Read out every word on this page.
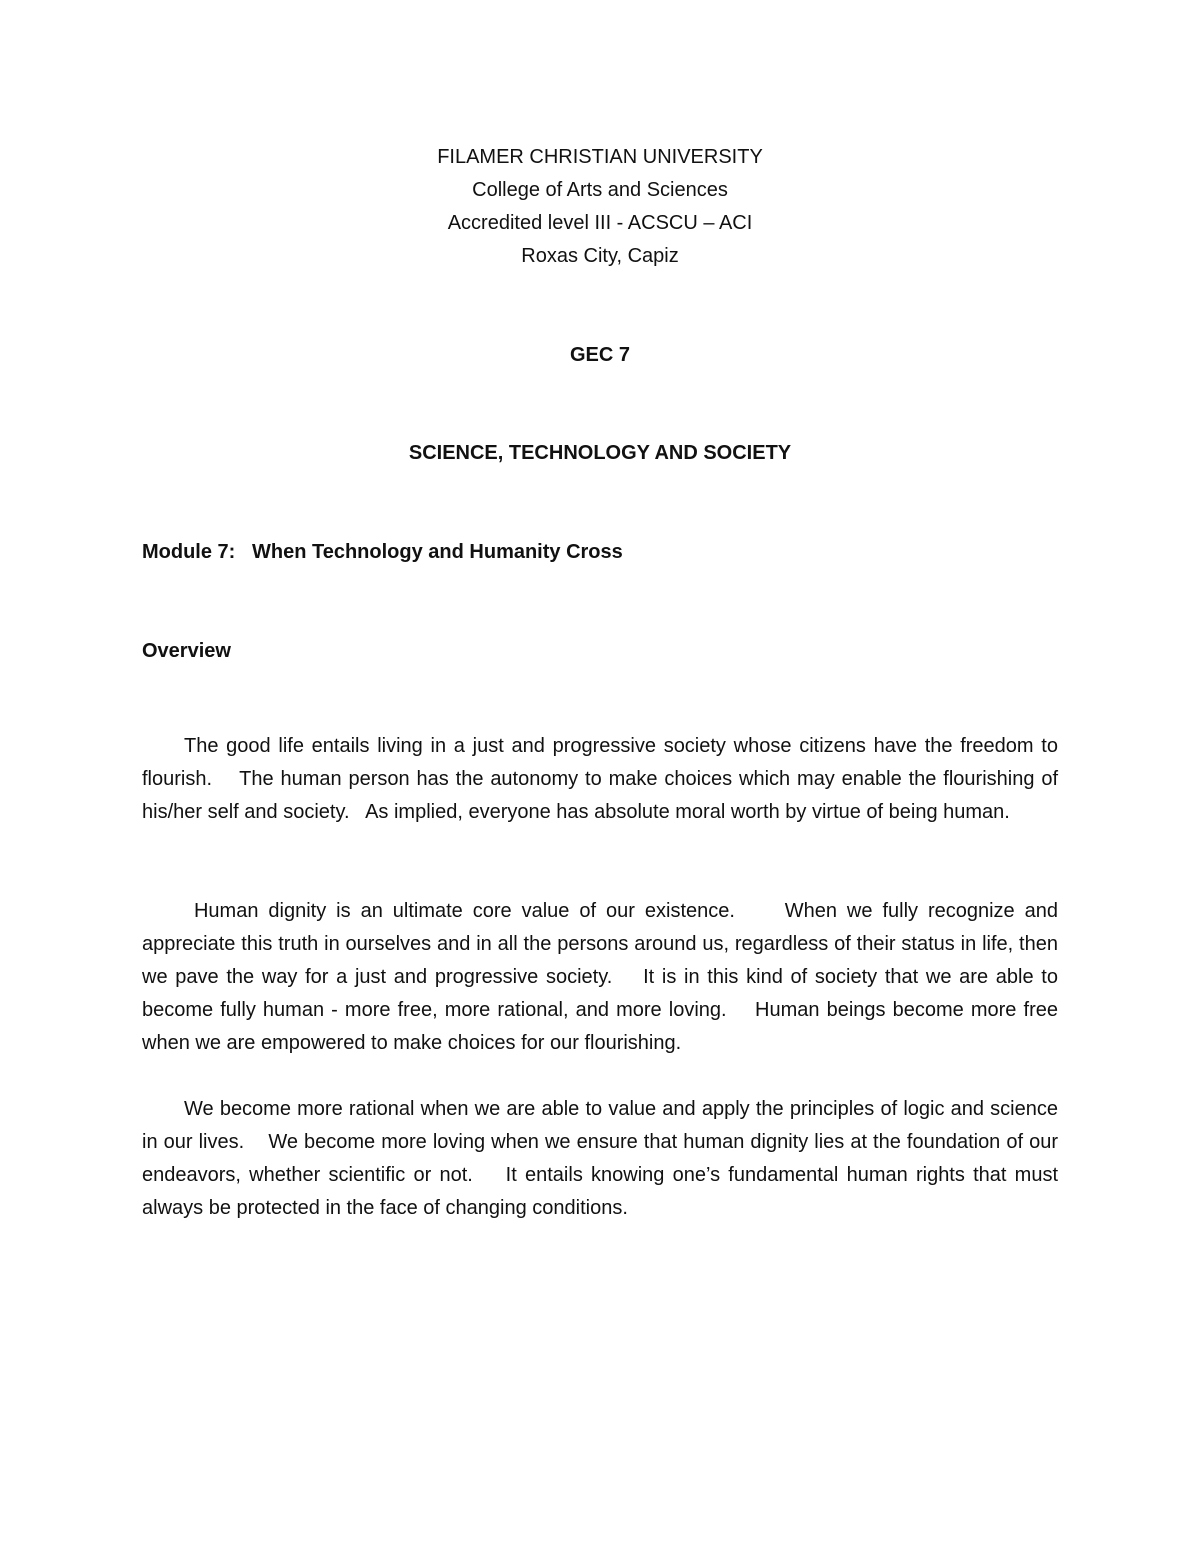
FILAMER CHRISTIAN UNIVERSITY
College of Arts and Sciences
Accredited level III - ACSCU – ACI
Roxas City, Capiz
GEC 7
SCIENCE, TECHNOLOGY AND SOCIETY
Module 7:   When Technology and Humanity Cross
Overview

The good life entails living in a just and progressive society whose citizens have the freedom to flourish.    The human person has the autonomy to make choices which may enable the flourishing of his/her self and society.   As implied, everyone has absolute moral worth by virtue of being human.

Human dignity is an ultimate core value of our existence.     When we fully recognize and appreciate this truth in ourselves and in all the persons around us, regardless of their status in life, then we pave the way for a just and progressive society.    It is in this kind of society that we are able to become fully human - more free, more rational, and more loving.    Human beings become more free when we are empowered to make choices for our flourishing.

We become more rational when we are able to value and apply the principles of logic and science in our lives.    We become more loving when we ensure that human dignity lies at the foundation of our endeavors, whether scientific or not.    It entails knowing one’s fundamental human rights that must always be protected in the face of changing conditions.
